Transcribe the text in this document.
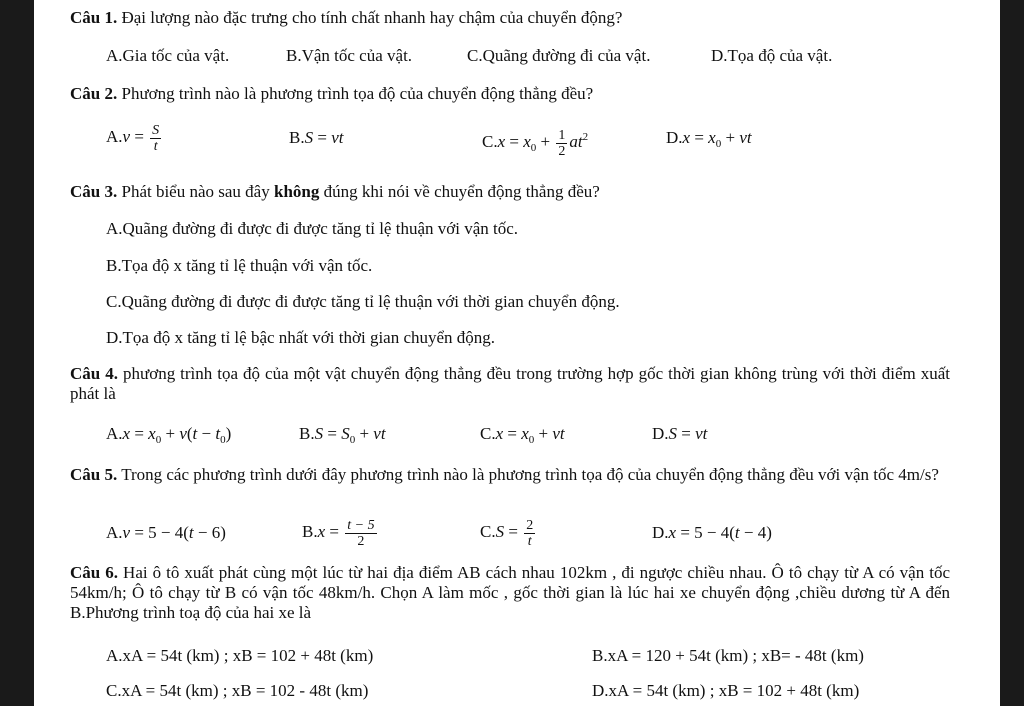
Câu 1. Đại lượng nào đặc trưng cho tính chất nhanh hay chậm của chuyển động?
A.Gia tốc của vật.	B.Vận tốc của vật.	C.Quãng đường đi của vật.	D.Tọa độ của vật.
Câu 2. Phương trình nào là phương trình tọa độ của chuyển động thẳng đều?
$A.v = \frac{S}{t}$	B.S = vt	$C.x = x_0 + \frac{1}{2} at^2$	$D.x = x_0$ + vt
Câu 3. Phát biểu nào sau đây không đúng khi nói về chuyển động thẳng đều?
A.Quãng đường đi được đi được tăng tỉ lệ thuận với vận tốc.
B.Tọa độ x tăng tỉ lệ thuận với vận tốc.
C.Quãng đường đi được đi được tăng tỉ lệ thuận với thời gian chuyển động.
D.Tọa độ x tăng tỉ lệ bậc nhất với thời gian chuyển động.
Câu 4. phương trình tọa độ của một vật chuyển động thẳng đều trong trường hợp gốc thời gian không trùng với thời điểm xuất phát là
$A.x = x_0 + v(t - t_0)$	$B.S = S_0$ + vt	$C.x = x_0$ + vt	D.S = vt
Câu 5. Trong các phương trình dưới đây phương trình nào là phương trình tọa độ của chuyển động thẳng đều với vận tốc 4m/s?
A.v = 5 − 4(t − 6)	$B.x = \frac{t - 5}{2}$	$C.S = \frac{2}{t}$	D.x = 5 − 4(t − 4)
Câu 6. Hai ô tô xuất phát cùng một lúc từ hai địa điểm AB cách nhau 102km , đi ngược chiều nhau. Ô tô chạy từ A có vận tốc 54km/h; Ô tô chạy từ B có vận tốc 48km/h. Chọn A làm mốc , gốc thời gian là lúc hai xe chuyển động ,chiều dương từ A đến B.Phương trình toạ độ của hai xe là
A.xA = 54t (km) ; xB = 102 + 48t (km)	B.xA = 120 + 54t (km) ; xB= - 48t (km)
C.xA = 54t (km) ; xB = 102 - 48t (km)	D.xA = 54t (km) ; xB = 102 + 48t (km)
